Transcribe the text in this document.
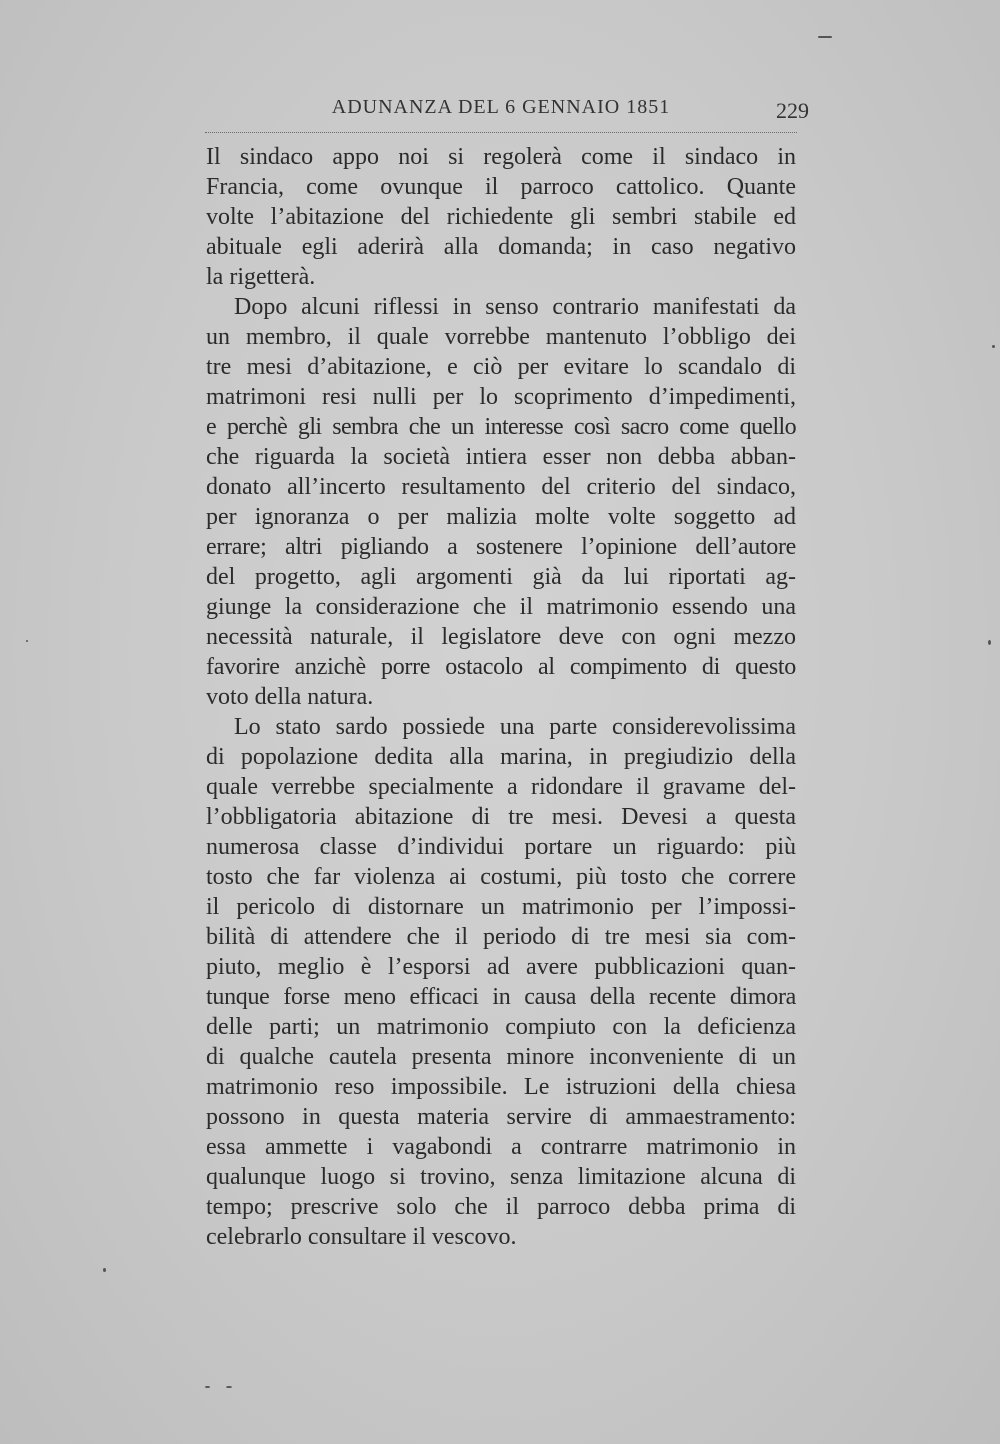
ADUNANZA DEL 6 GENNAIO 1851	229
Il sindaco appo noi si regolerà come il sindaco in
Francia, come ovunque il parroco cattolico. Quante
volte l’abitazione del richiedente gli sembri stabile ed
abituale egli aderirà alla domanda; in caso negativo
la rigetterà.
Dopo alcuni riflessi in senso contrario manifestati da
un membro, il quale vorrebbe mantenuto l’obbligo dei
tre mesi d’abitazione, e ciò per evitare lo scandalo di
matrimoni resi nulli per lo scoprimento d’impedimenti,
e perchè gli sembra che un interesse così sacro come quello
che riguarda la società intiera esser non debba abban-
donato all’incerto resultamento del criterio del sindaco,
per ignoranza o per malizia molte volte soggetto ad
errare; altri pigliando a sostenere l’opinione dell’autore
del progetto, agli argomenti già da lui riportati ag-
giunge la considerazione che il matrimonio essendo una
necessità naturale, il legislatore deve con ogni mezzo
favorire anzichè porre ostacolo al compimento di questo
voto della natura.
Lo stato sardo possiede una parte considerevolissima
di popolazione dedita alla marina, in pregiudizio della
quale verrebbe specialmente a ridondare il gravame del-
l’obbligatoria abitazione di tre mesi. Devesi a questa
numerosa classe d’individui portare un riguardo: più
tosto che far violenza ai costumi, più tosto che correre
il pericolo di distornare un matrimonio per l’impossi-
bilità di attendere che il periodo di tre mesi sia com-
piuto, meglio è l’esporsi ad avere pubblicazioni quan-
tunque forse meno efficaci in causa della recente dimora
delle parti; un matrimonio compiuto con la deficienza
di qualche cautela presenta minore inconveniente di un
matrimonio reso impossibile. Le istruzioni della chiesa
possono in questa materia servire di ammaestramento:
essa ammette i vagabondi a contrarre matrimonio in
qualunque luogo si trovino, senza limitazione alcuna di
tempo; prescrive solo che il parroco debba prima di
celebrarlo consultare il vescovo.
